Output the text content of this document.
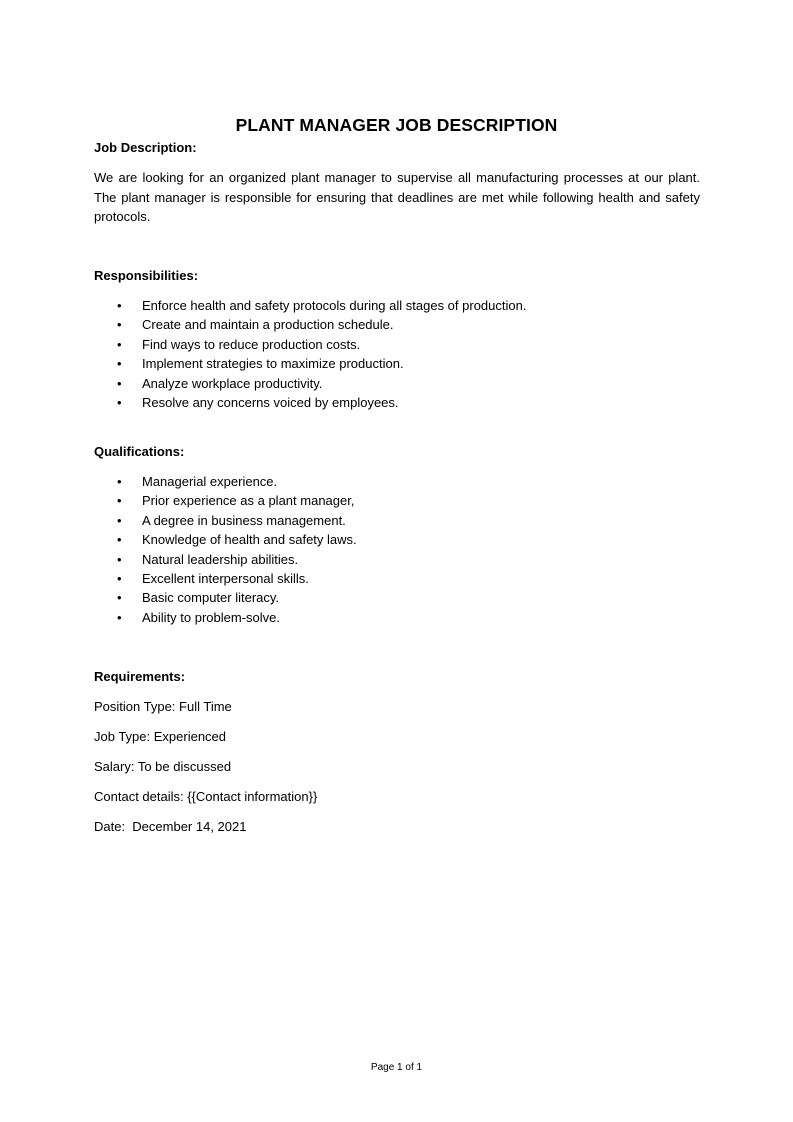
PLANT MANAGER JOB DESCRIPTION

Job Description:

We are looking for an organized plant manager to supervise all manufacturing processes at our plant. The plant manager is responsible for ensuring that deadlines are met while following health and safety protocols.

Responsibilities:

• Enforce health and safety protocols during all stages of production.
• Create and maintain a production schedule.
• Find ways to reduce production costs.
• Implement strategies to maximize production.
• Analyze workplace productivity.
• Resolve any concerns voiced by employees.

Qualifications:

• Managerial experience.
• Prior experience as a plant manager,
• A degree in business management.
• Knowledge of health and safety laws.
• Natural leadership abilities.
• Excellent interpersonal skills.
• Basic computer literacy.
• Ability to problem-solve.

Requirements:

Position Type: Full Time

Job Type: Experienced

Salary: To be discussed

Contact details: {{Contact information}}

Date:  December 14, 2021

Page 1 of 1
